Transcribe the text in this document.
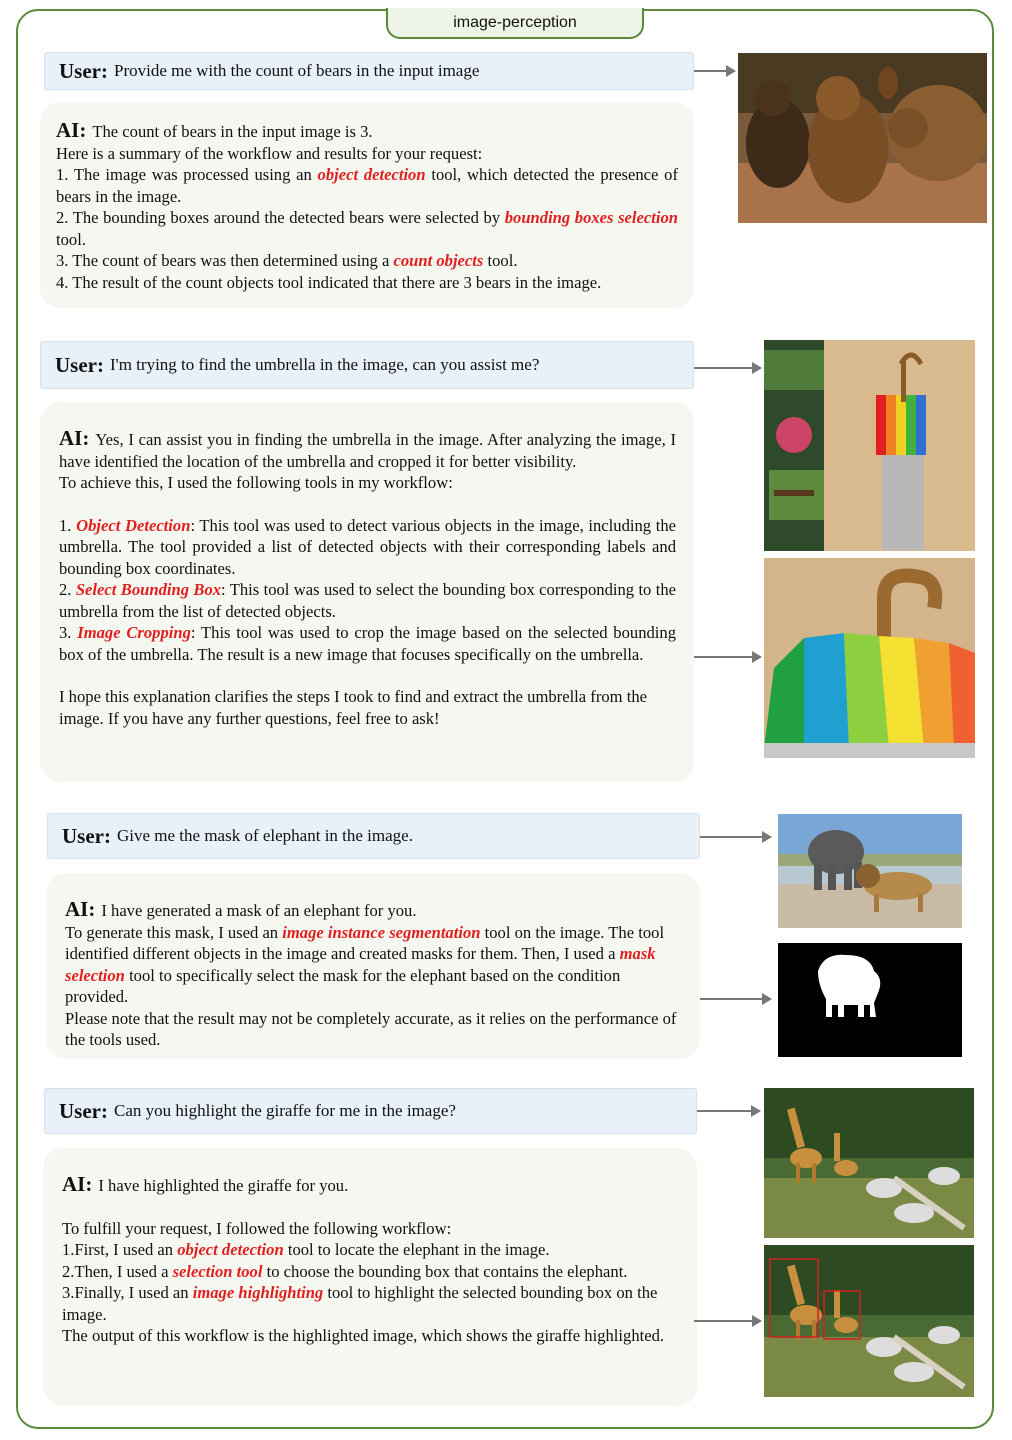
image-perception
User: Provide me with the count of bears in the input image

AI: The count of bears in the input image is 3.

Here is a summary of the workflow and results for your request:

1. The image was processed using an object detection tool, which detected the presence of bears in the image.

2. The bounding boxes around the detected bears were selected by bounding boxes selection tool.

3. The count of bears was then determined using a count objects tool.

4. The result of the count objects tool indicated that there are 3 bears in the image.

User: I'm trying to find the umbrella in the image, can you assist me?

AI: Yes, I can assist you in finding the umbrella in the image. After analyzing the image, I have identified the location of the umbrella and cropped it for better visibility.

To achieve this, I used the following tools in my workflow:

1. Object Detection: This tool was used to detect various objects in the image, including the umbrella. The tool provided a list of detected objects with their corresponding labels and bounding box coordinates.

2. Select Bounding Box: This tool was used to select the bounding box corresponding to the umbrella from the list of detected objects.

3. Image Cropping: This tool was used to crop the image based on the selected bounding box of the umbrella. The result is a new image that focuses specifically on the umbrella.

I hope this explanation clarifies the steps I took to find and extract the umbrella from the image. If you have any further questions, feel free to ask!

User: Give me the mask of elephant in the image.

AI: I have generated a mask of an elephant for you.

To generate this mask, I used an image instance segmentation tool on the image. The tool identified different objects in the image and created masks for them. Then, I used a mask selection tool to specifically select the mask for the elephant based on the condition provided.

Please note that the result may not be completely accurate, as it relies on the performance of the tools used.

User: Can you highlight the giraffe for me in the image?

AI: I have highlighted the giraffe for you.

To fulfill your request, I followed the following workflow:

1.First, I used an object detection tool to locate the elephant in the image.

2.Then, I used a selection tool to choose the bounding box that contains the elephant.

3.Finally, I used an image highlighting tool to highlight the selected bounding box on the image.

The output of this workflow is the highlighted image, which shows the giraffe highlighted.
